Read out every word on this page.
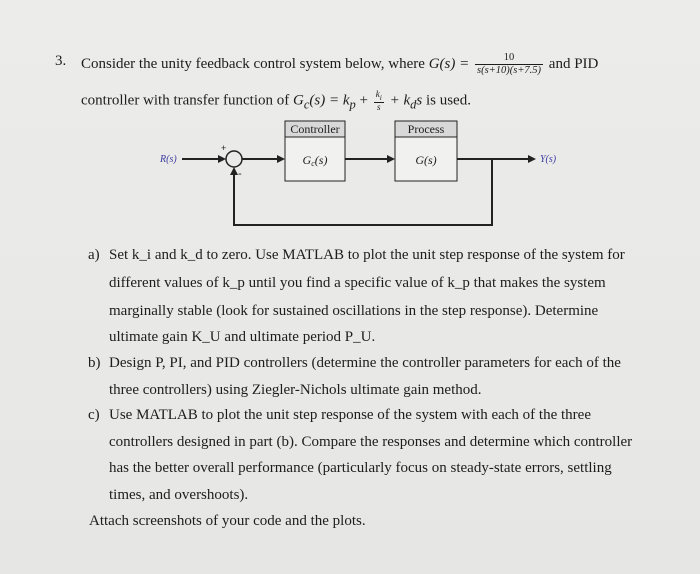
3. Consider the unity feedback control system below, where $G(s) = \frac{10}{s(s+10)(s+7.5)}$ and PID
controller with transfer function of $G_c(s) = k_p + \frac{k_i}{s} + k_ds$ is used.
Controller
Gc(s)
Process
G(s)
R(s)
+
-
Y(s)
a) Set k_i and k_d to zero. Use MATLAB to plot the unit step response of the system for
different values of k_p until you find a specific value of k_p that makes the system
marginally stable (look for sustained oscillations in the step response). Determine
ultimate gain K_U and ultimate period P_U.
b) Design P, PI, and PID controllers (determine the controller parameters for each of the
three controllers) using Ziegler-Nichols ultimate gain method.
c) Use MATLAB to plot the unit step response of the system with each of the three
controllers designed in part (b). Compare the responses and determine which controller
has the better overall performance (particularly focus on steady-state errors, settling
times, and overshoots).
Attach screenshots of your code and the plots.
